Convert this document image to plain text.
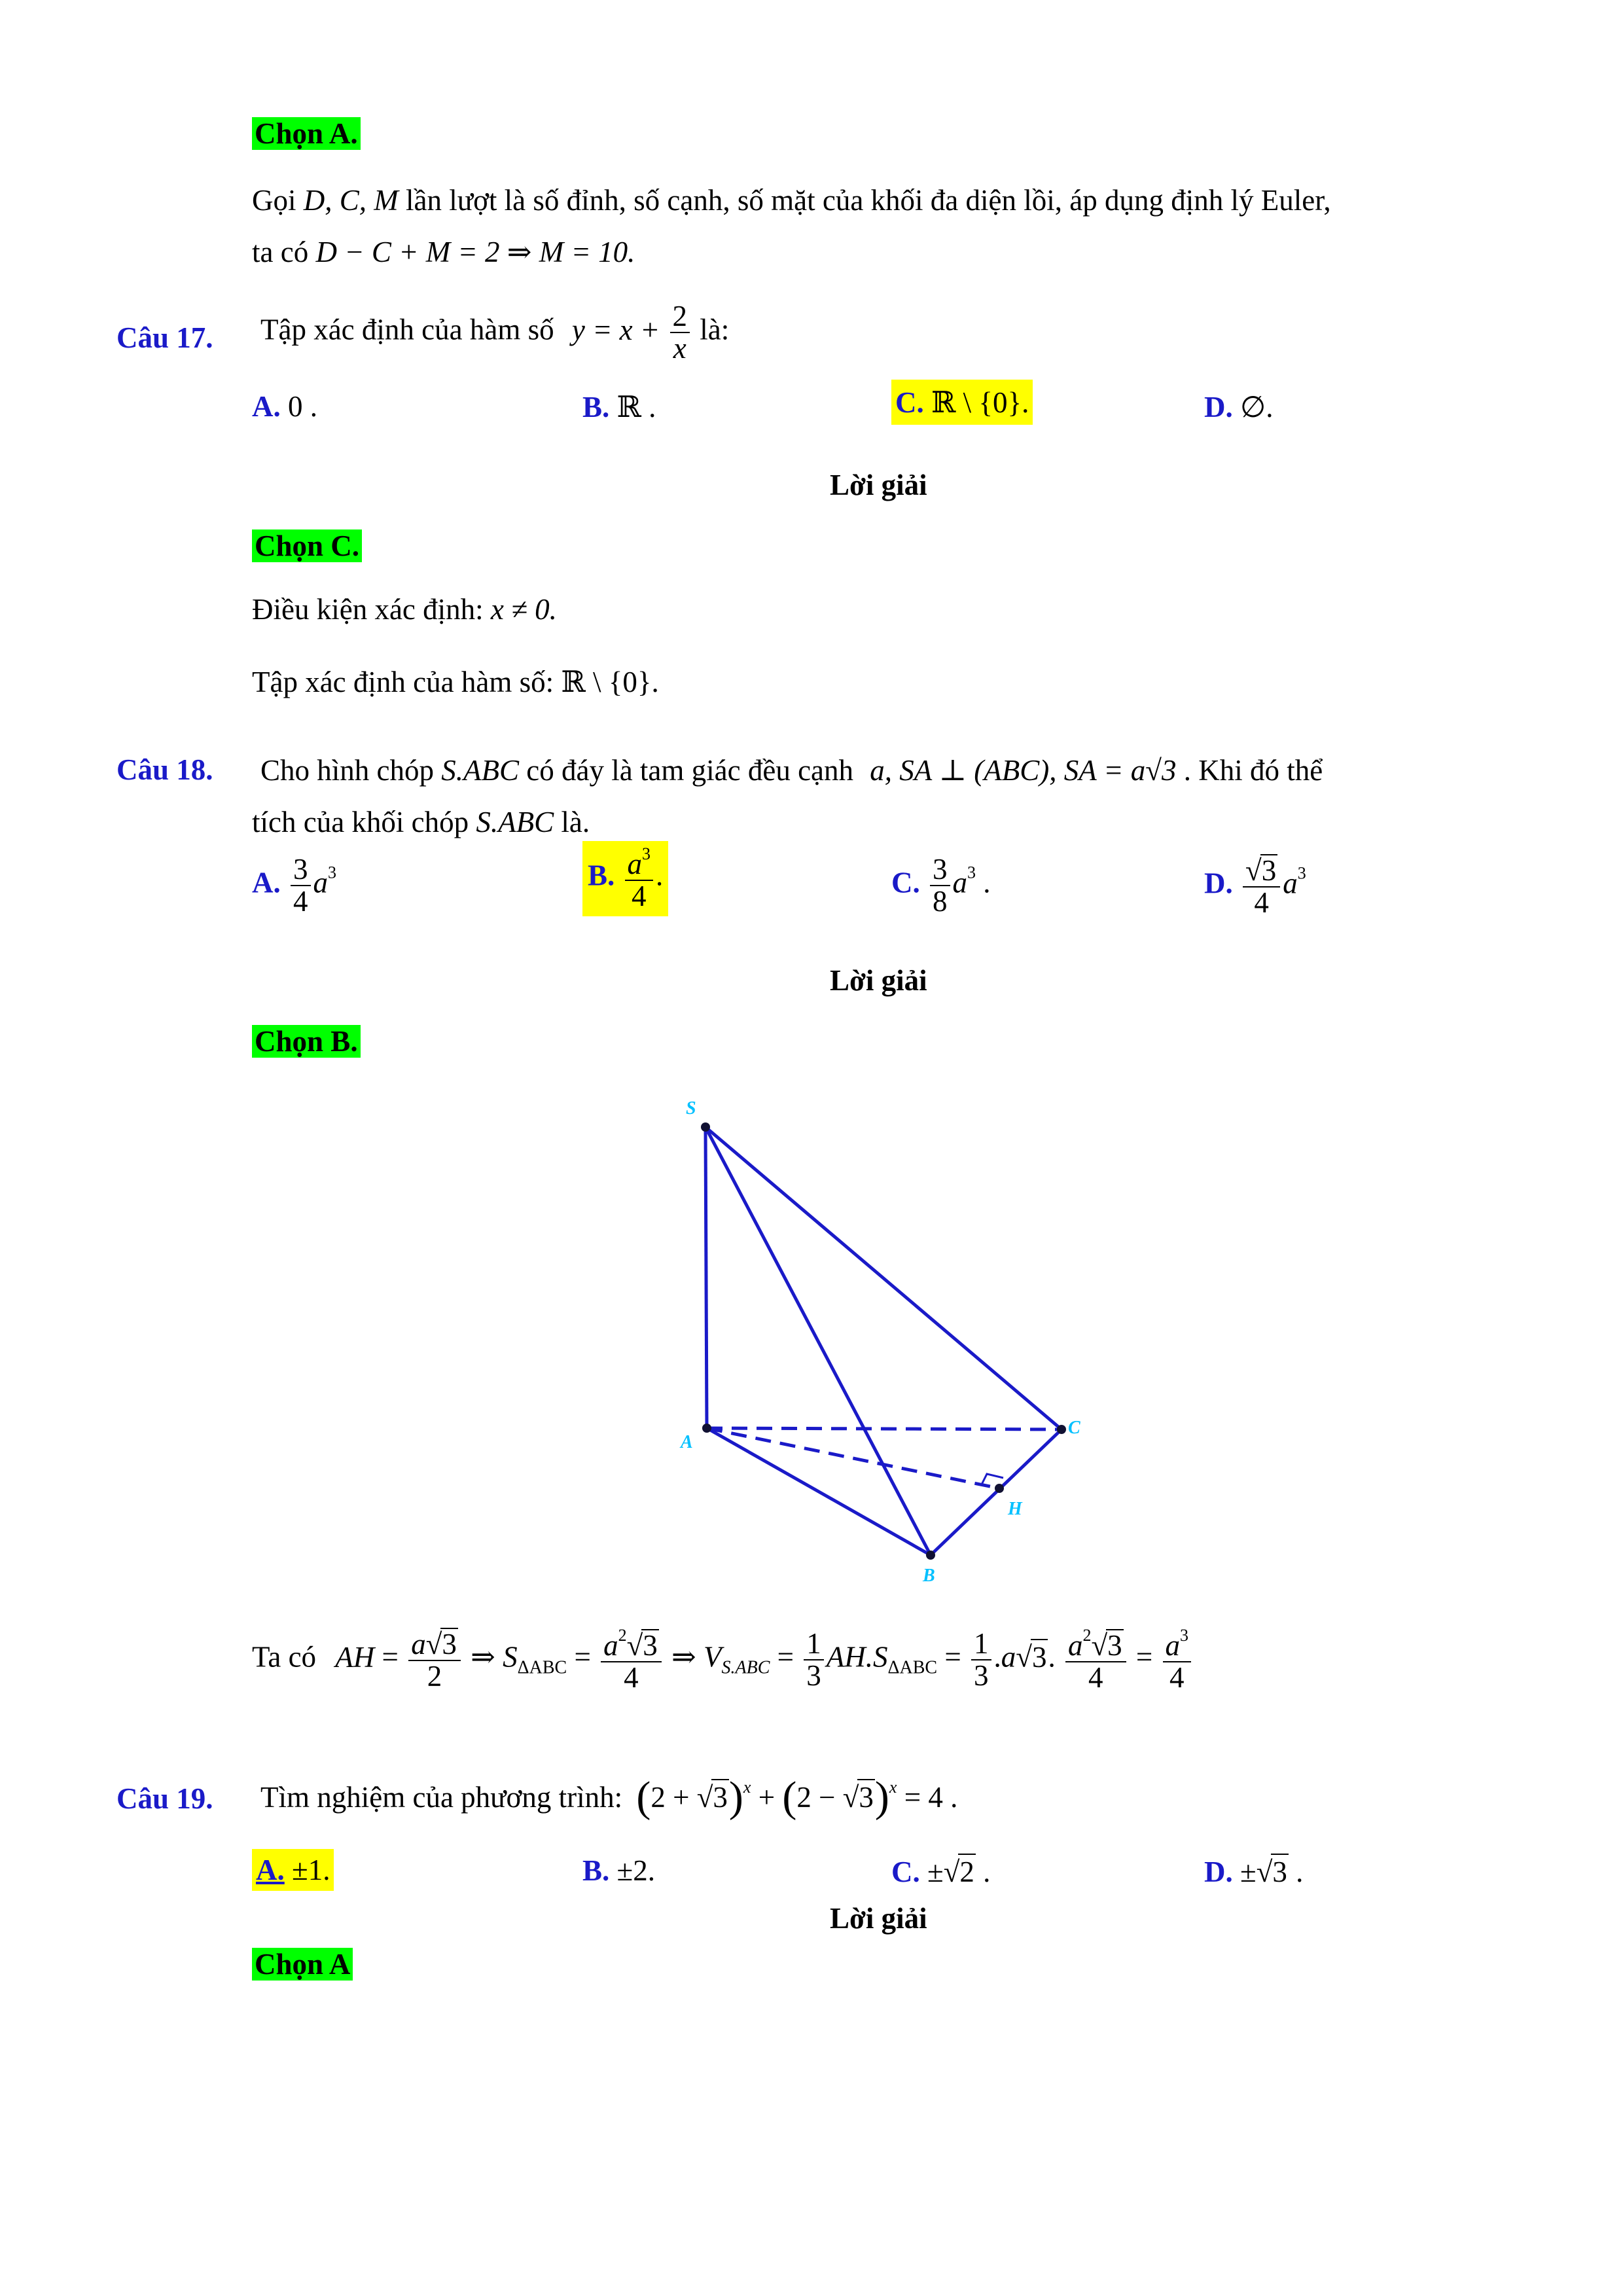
Chọn A.
Gọi D, C, M lần lượt là số đỉnh, số cạnh, số mặt của khối đa diện lồi, áp dụng định lý Euler,
ta có D − C + M = 2 ⇒ M = 10.
Câu 17. Tập xác định của hàm số $y = x + \frac{2}{x}$ là:
A. 0 .	B. ℝ .	C. ℝ \ {0}.	D. ∅.
Lời giải
Chọn C.
Điều kiện xác định: x ≠ 0.
Tập xác định của hàm số: ℝ \ {0}.
Câu 18. Cho hình chóp S.ABC có đáy là tam giác đều cạnh a, SA ⊥ (ABC), SA = a√3 . Khi đó thể
tích của khối chóp S.ABC là.
A. $\frac{3}{4} a^3$	B. $\frac{a^3}{4}$ .	C. $\frac{3}{8} a^3$ .	D. $\frac{√3}{4} a^3$
Lời giải
Chọn B.
S
A
C
B
H
Ta có AH = $\frac{a√3}{2}$ ⇒ $S_{\Delta ABC} = \frac{a^2√3}{4}$ ⇒ $V_{S.ABC} = \frac{1}{3} AH.S_{\Delta ABC} = \frac{1}{3} .a√3$. $\frac{a^2√3}{4} = \frac{a^3}{4}$
Câu 19. Tìm nghiệm của phương trình: $(2 + √3)^x + (2 - √3)^x = 4$ .
A. ±1.	B. ±2.	C. ±√2 .	D. ±√3 .
Lời giải
Chọn A
